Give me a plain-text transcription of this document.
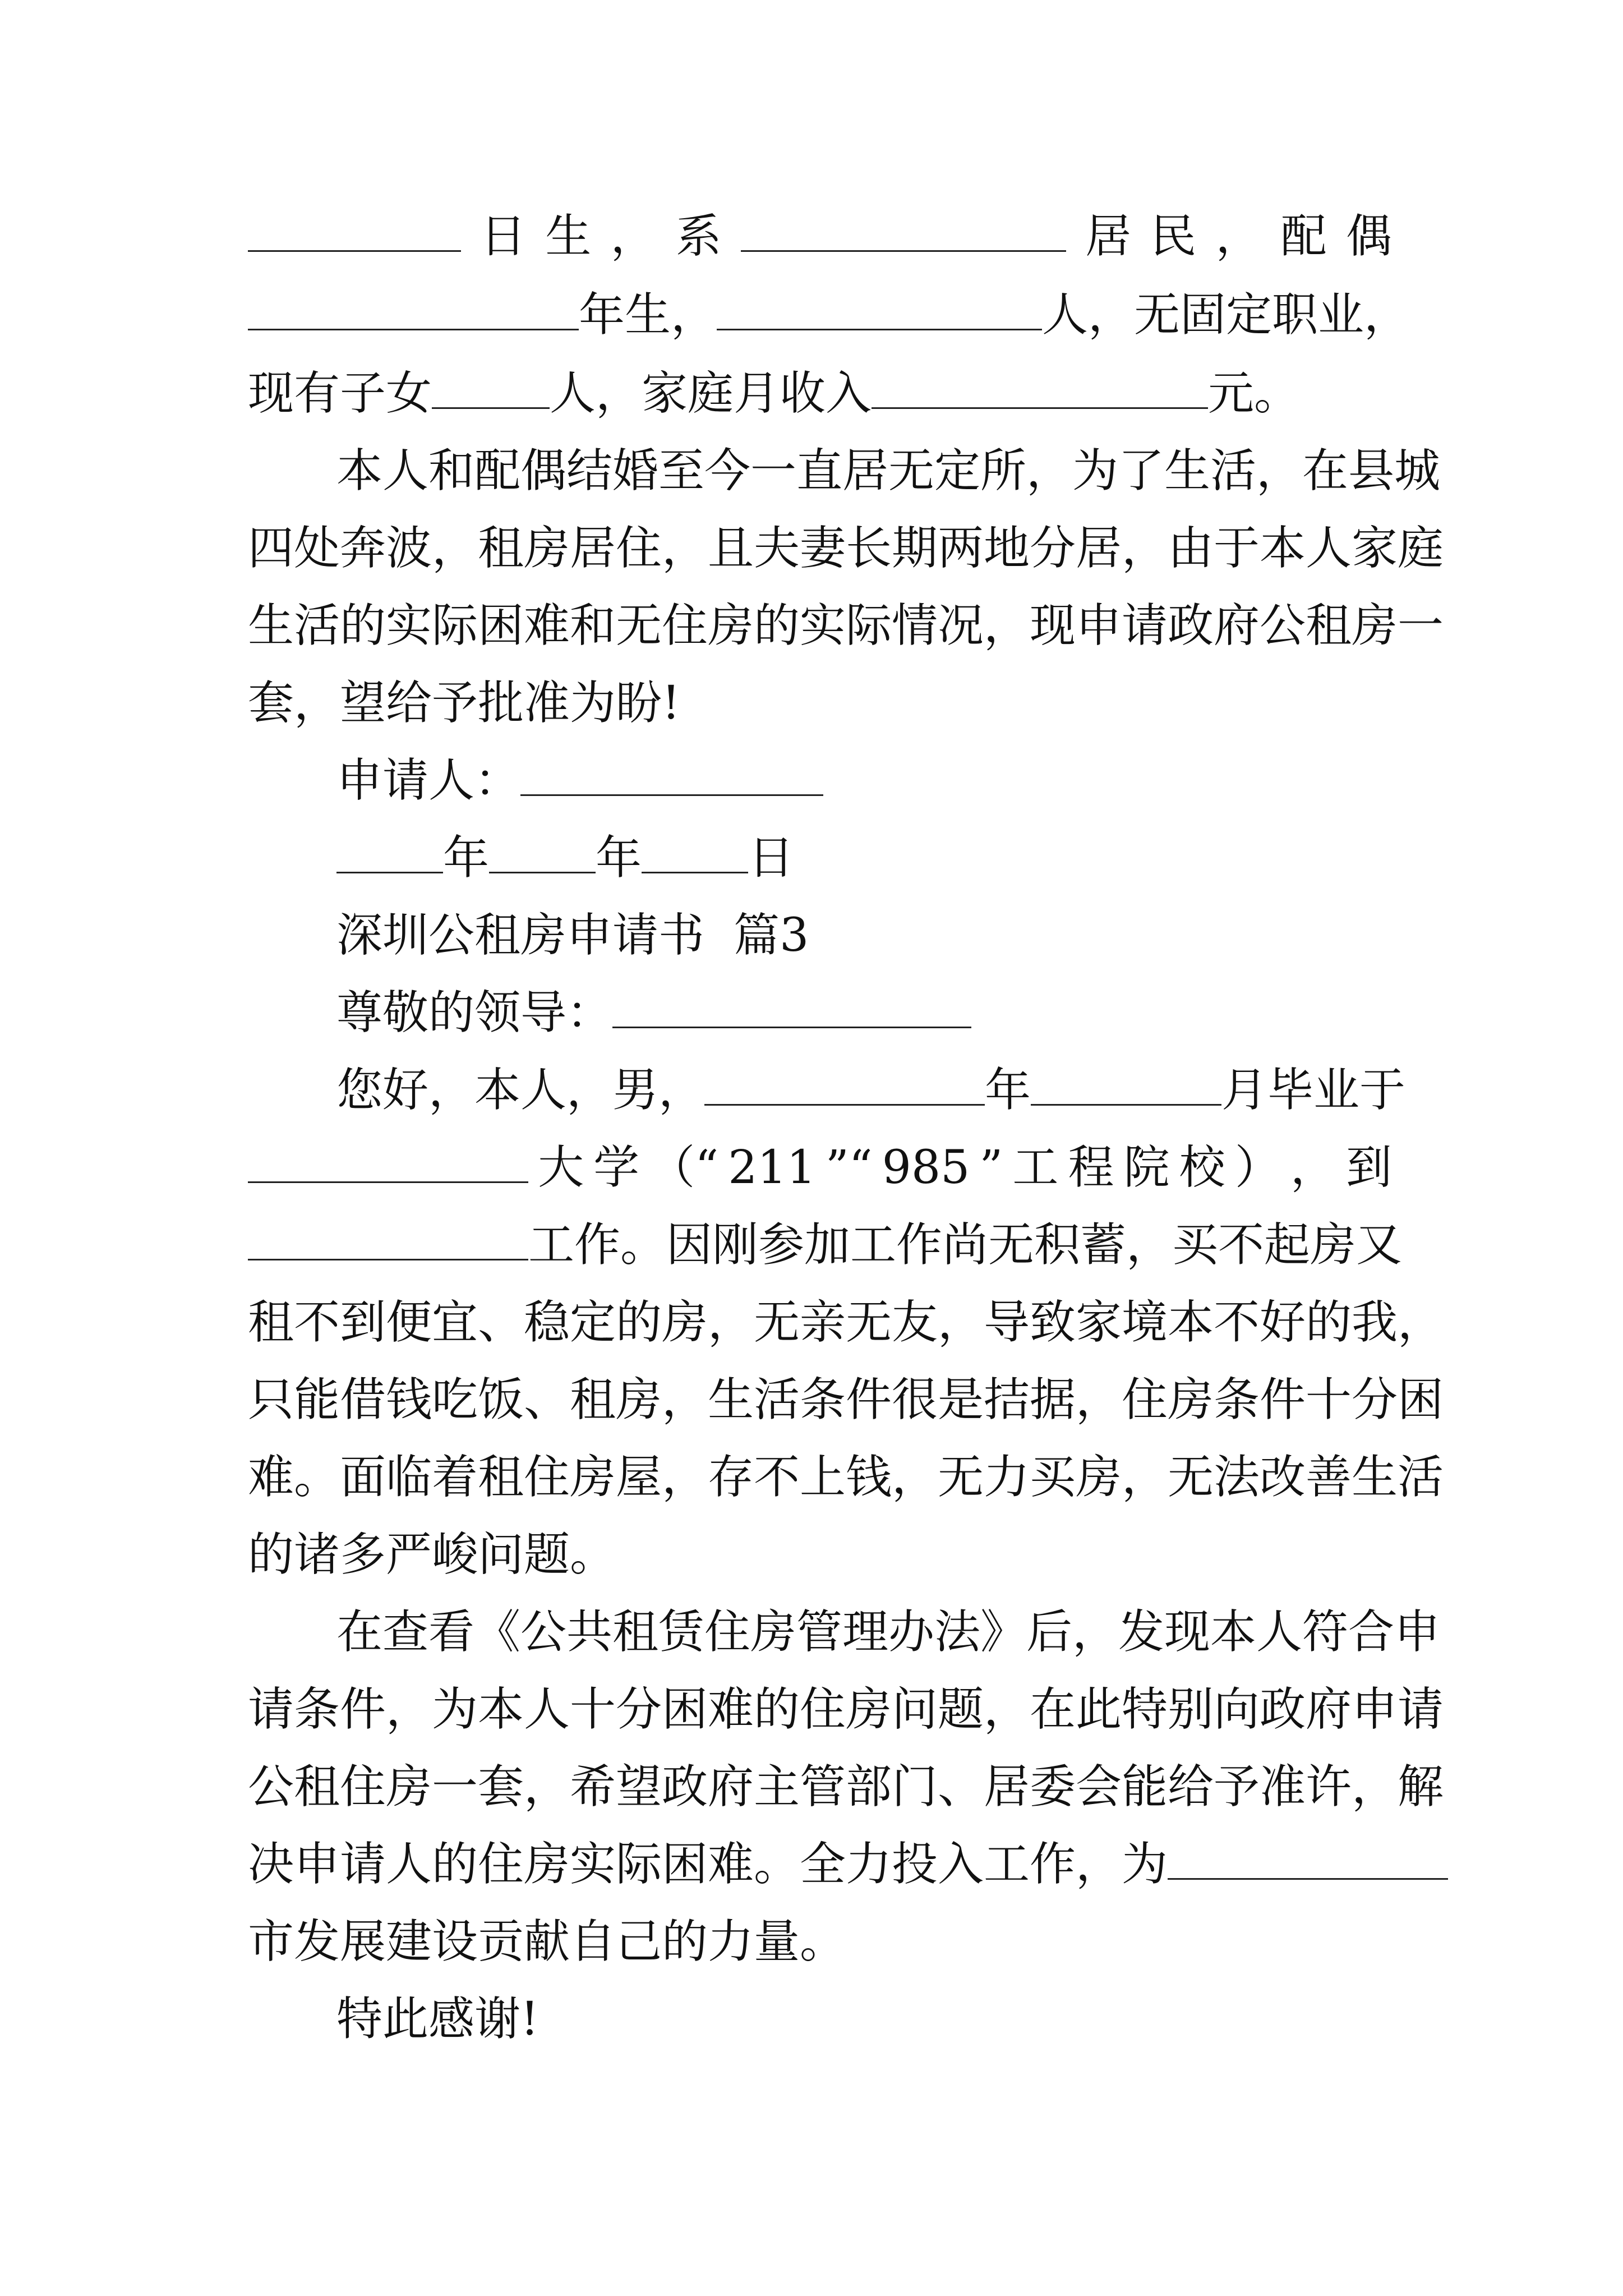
日 生 ， 系	居 民 ， 配 偶
年生，	人，无固定职业，
现有子女	人，家庭月收入	元。
本人和配偶结婚至今一直居无定所，为了生活，在县城
四处奔波，租房居住，且夫妻长期两地分居，由于本人家庭
生活的实际困难和无住房的实际情况，现申请政府公租房一
套，望给予批准为盼!
申请人：
年 年 日
深圳公租房申请书  篇3
尊敬的领导：
您好，本人，男，	年	月毕业于
大 学 （“ 211 ”“ 985 ” 工 程 院 校 ） ， 到
工作。因刚参加工作尚无积蓄，买不起房又
租不到便宜、稳定的房，无亲无友，导致家境本不好的我，
只能借钱吃饭、租房，生活条件很是拮据，住房条件十分困
难。面临着租住房屋，存不上钱，无力买房，无法改善生活
的诸多严峻问题。
在查看《公共租赁住房管理办法》后，发现本人符合申
请条件，为本人十分困难的住房问题，在此特别向政府申请
公租住房一套，希望政府主管部门、居委会能给予准许，解
决申请人的住房实际困难。全力投入工作，为
市发展建设贡献自己的力量。
特此感谢!
